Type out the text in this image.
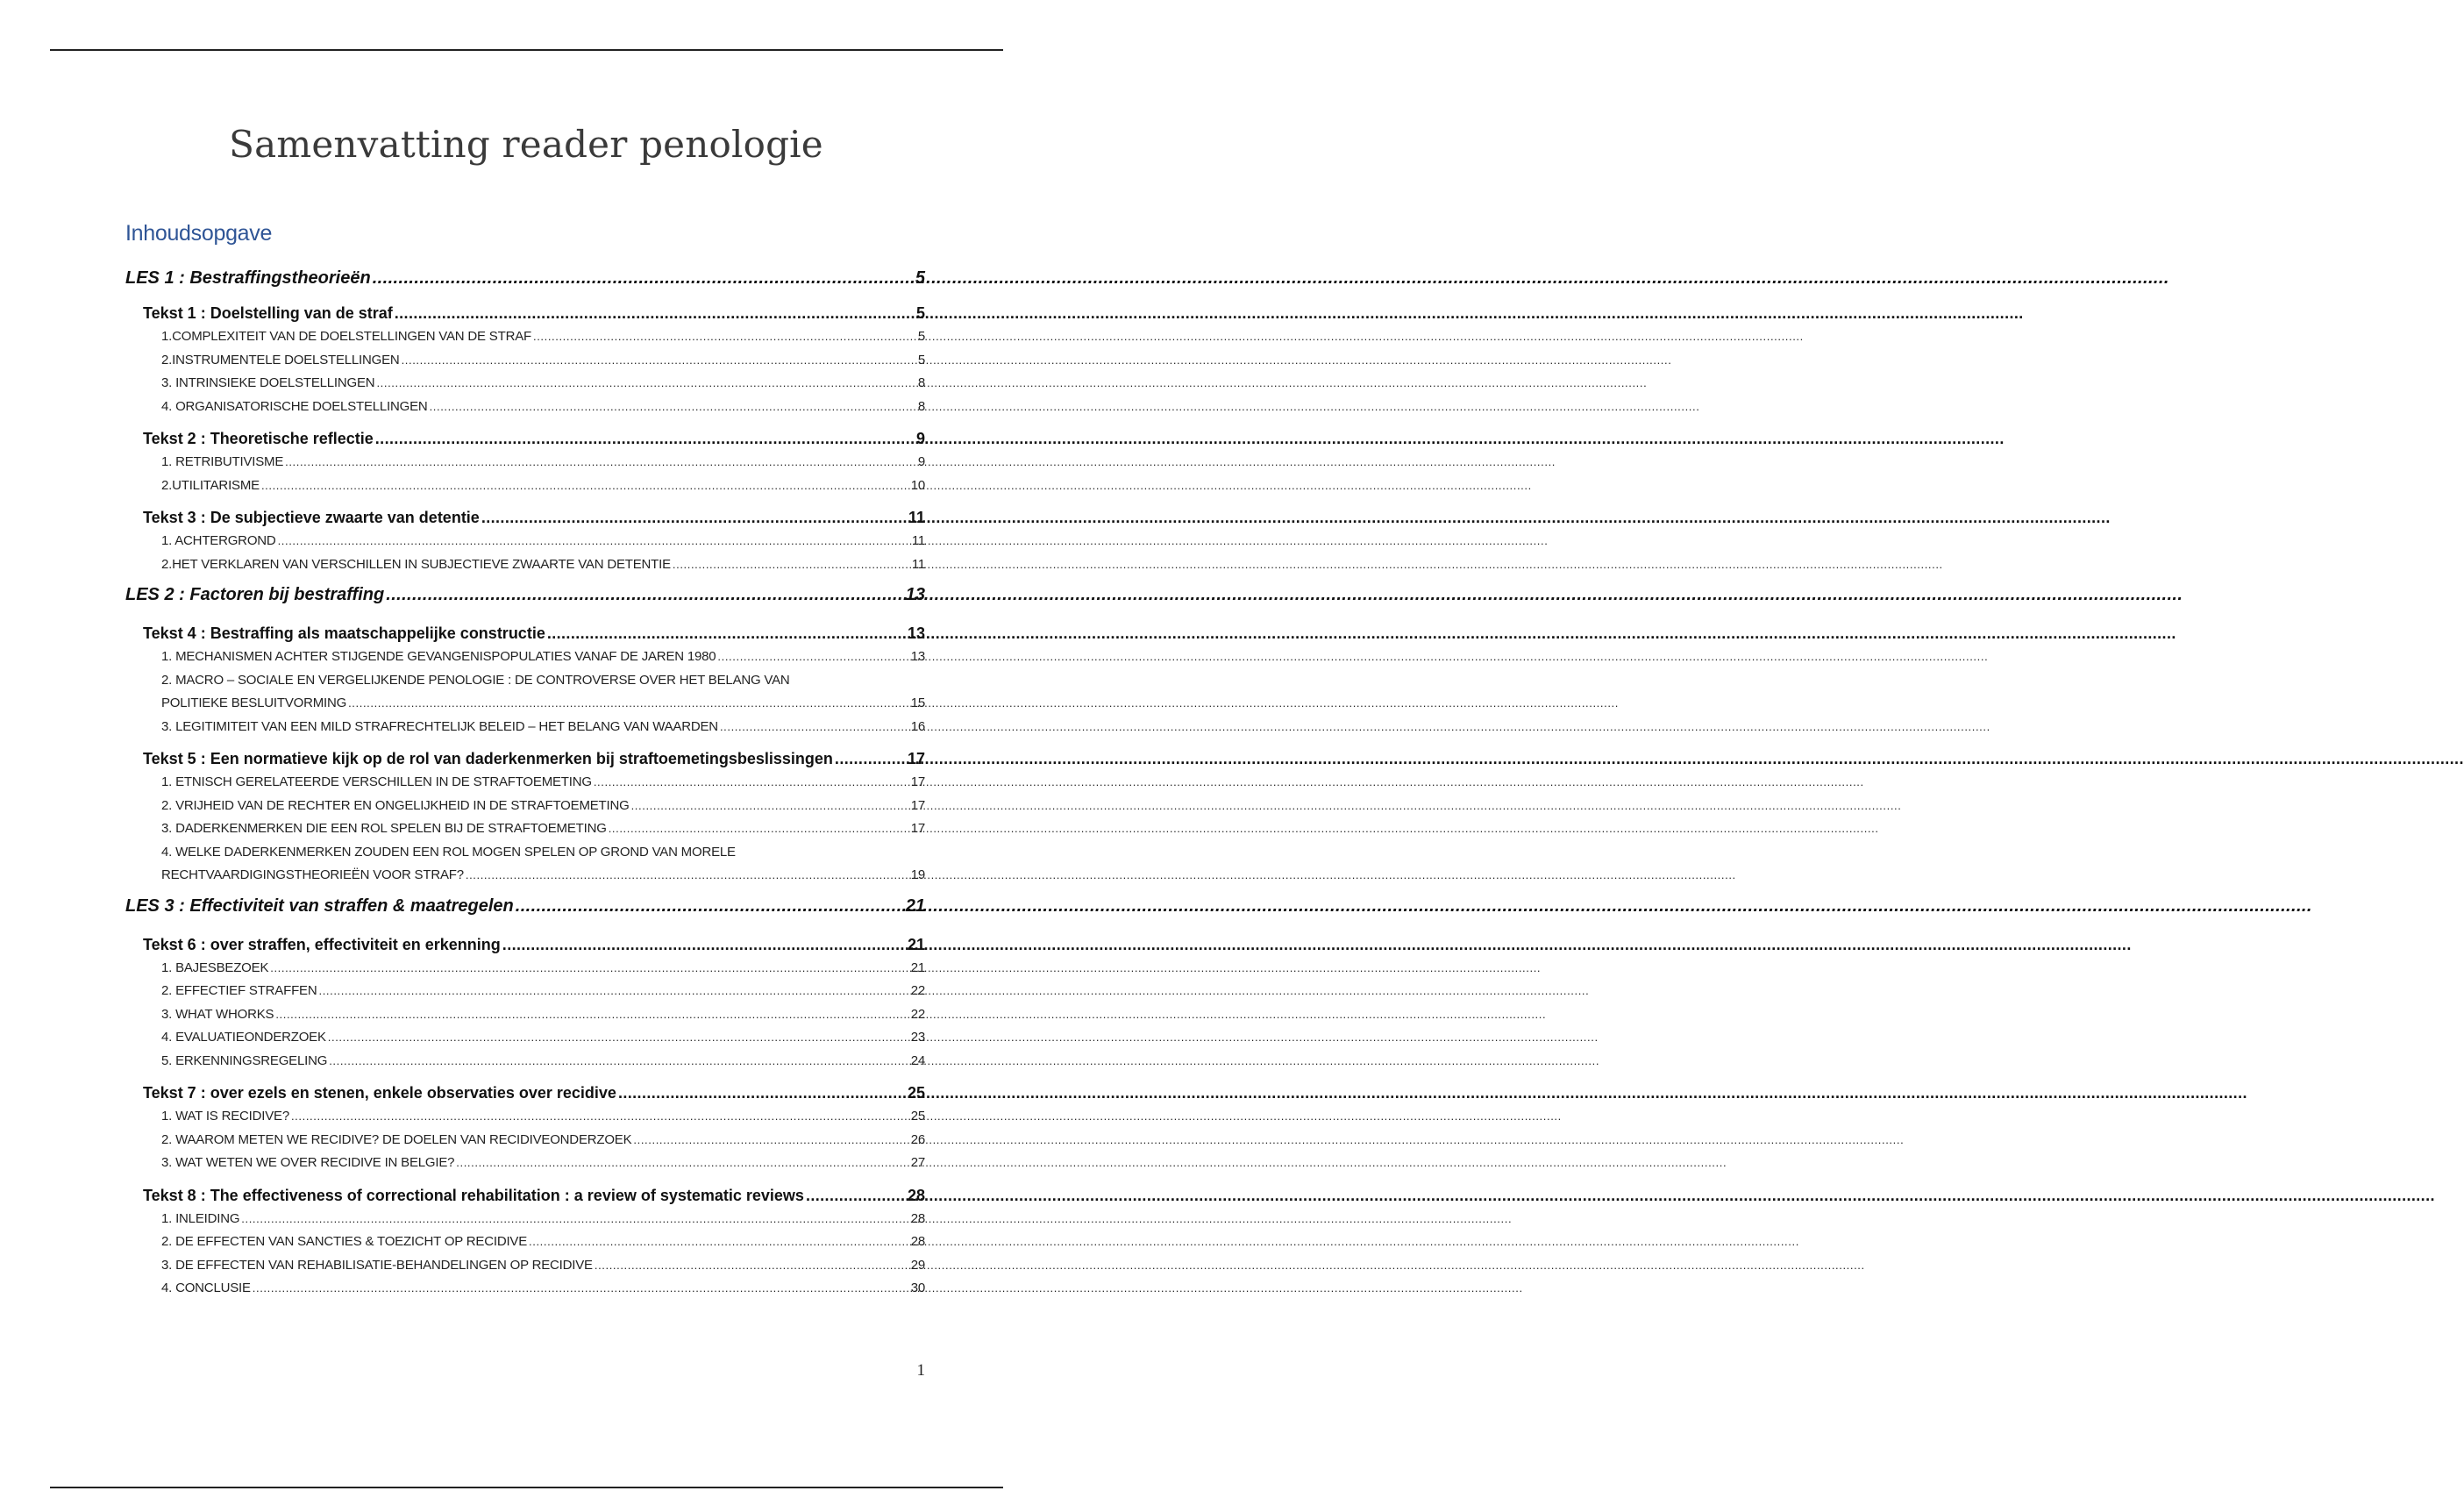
Samenvatting reader penologie
Inhoudsopgave
LES 1 : Bestraffingstheorieën .....	5
Tekst 1 : Doelstelling van de straf .....	5
1.COMPLEXITEIT VAN DE DOELSTELLINGEN VAN DE STRAF .....	5
2.INSTRUMENTELE DOELSTELLINGEN .....	5
3. INTRINSIEKE DOELSTELLINGEN .....	8
4. ORGANISATORISCHE DOELSTELLINGEN .....	8
Tekst 2 : Theoretische reflectie .....	9
1. RETRIBUTIVISME .....	9
2.UTILITARISME .....	10
Tekst 3 : De subjectieve zwaarte van detentie .....	11
1. ACHTERGROND .....	11
2.HET VERKLAREN VAN VERSCHILLEN IN SUBJECTIEVE ZWAARTE VAN DETENTIE .....	11
LES 2 : Factoren bij bestraffing .....	13
Tekst 4 : Bestraffing als maatschappelijke constructie .....	13
1. MECHANISMEN ACHTER STIJGENDE GEVANGENISPOPULATIES VANAF DE JAREN 1980 .....	13
2. MACRO – SOCIALE EN VERGELIJKENDE PENOLOGIE : DE CONTROVERSE OVER HET BELANG VAN
POLITIEKE BESLUITVORMING .....	15
3. LEGITIMITEIT VAN EEN MILD STRAFRECHTELIJK BELEID – HET BELANG VAN WAARDEN .....	16
Tekst 5 : Een normatieve kijk op de rol van daderkenmerken bij straftoemetingsbeslissingen .....	17
1. ETNISCH GERELATEERDE VERSCHILLEN IN DE STRAFTOEMETING .....	17
2. VRIJHEID VAN DE RECHTER EN ONGELIJKHEID IN DE STRAFTOEMETING .....	17
3. DADERKENMERKEN DIE EEN ROL SPELEN BIJ DE STRAFTOEMETING .....	17
4. WELKE DADERKENMERKEN ZOUDEN EEN ROL MOGEN SPELEN OP GROND VAN MORELE
RECHTVAARDIGINGSTHEORIEËN VOOR STRAF? .....	19
LES 3 : Effectiviteit van straffen & maatregelen .....	21
Tekst 6 : over straffen, effectiviteit en erkenning .....	21
1. BAJESBEZOEK .....	21
2. EFFECTIEF STRAFFEN .....	22
3. WHAT WHORKS .....	22
4. EVALUATIEONDERZOEK .....	23
5. ERKENNINGSREGELING .....	24
Tekst 7 : over ezels en stenen, enkele observaties over recidive .....	25
1. WAT IS RECIDIVE? .....	25
2. WAAROM METEN WE RECIDIVE? DE DOELEN VAN RECIDIVEONDERZOEK .....	26
3. WAT WETEN WE OVER RECIDIVE IN BELGIE? .....	27
Tekst 8 : The effectiveness of correctional rehabilitation : a review of systematic reviews .....	28
1. INLEIDING .....	28
2. DE EFFECTEN VAN SANCTIES & TOEZICHT OP RECIDIVE .....	28
3. DE EFFECTEN VAN REHABILISATIE-BEHANDELINGEN OP RECIDIVE .....	29
4. CONCLUSIE .....	30
1
